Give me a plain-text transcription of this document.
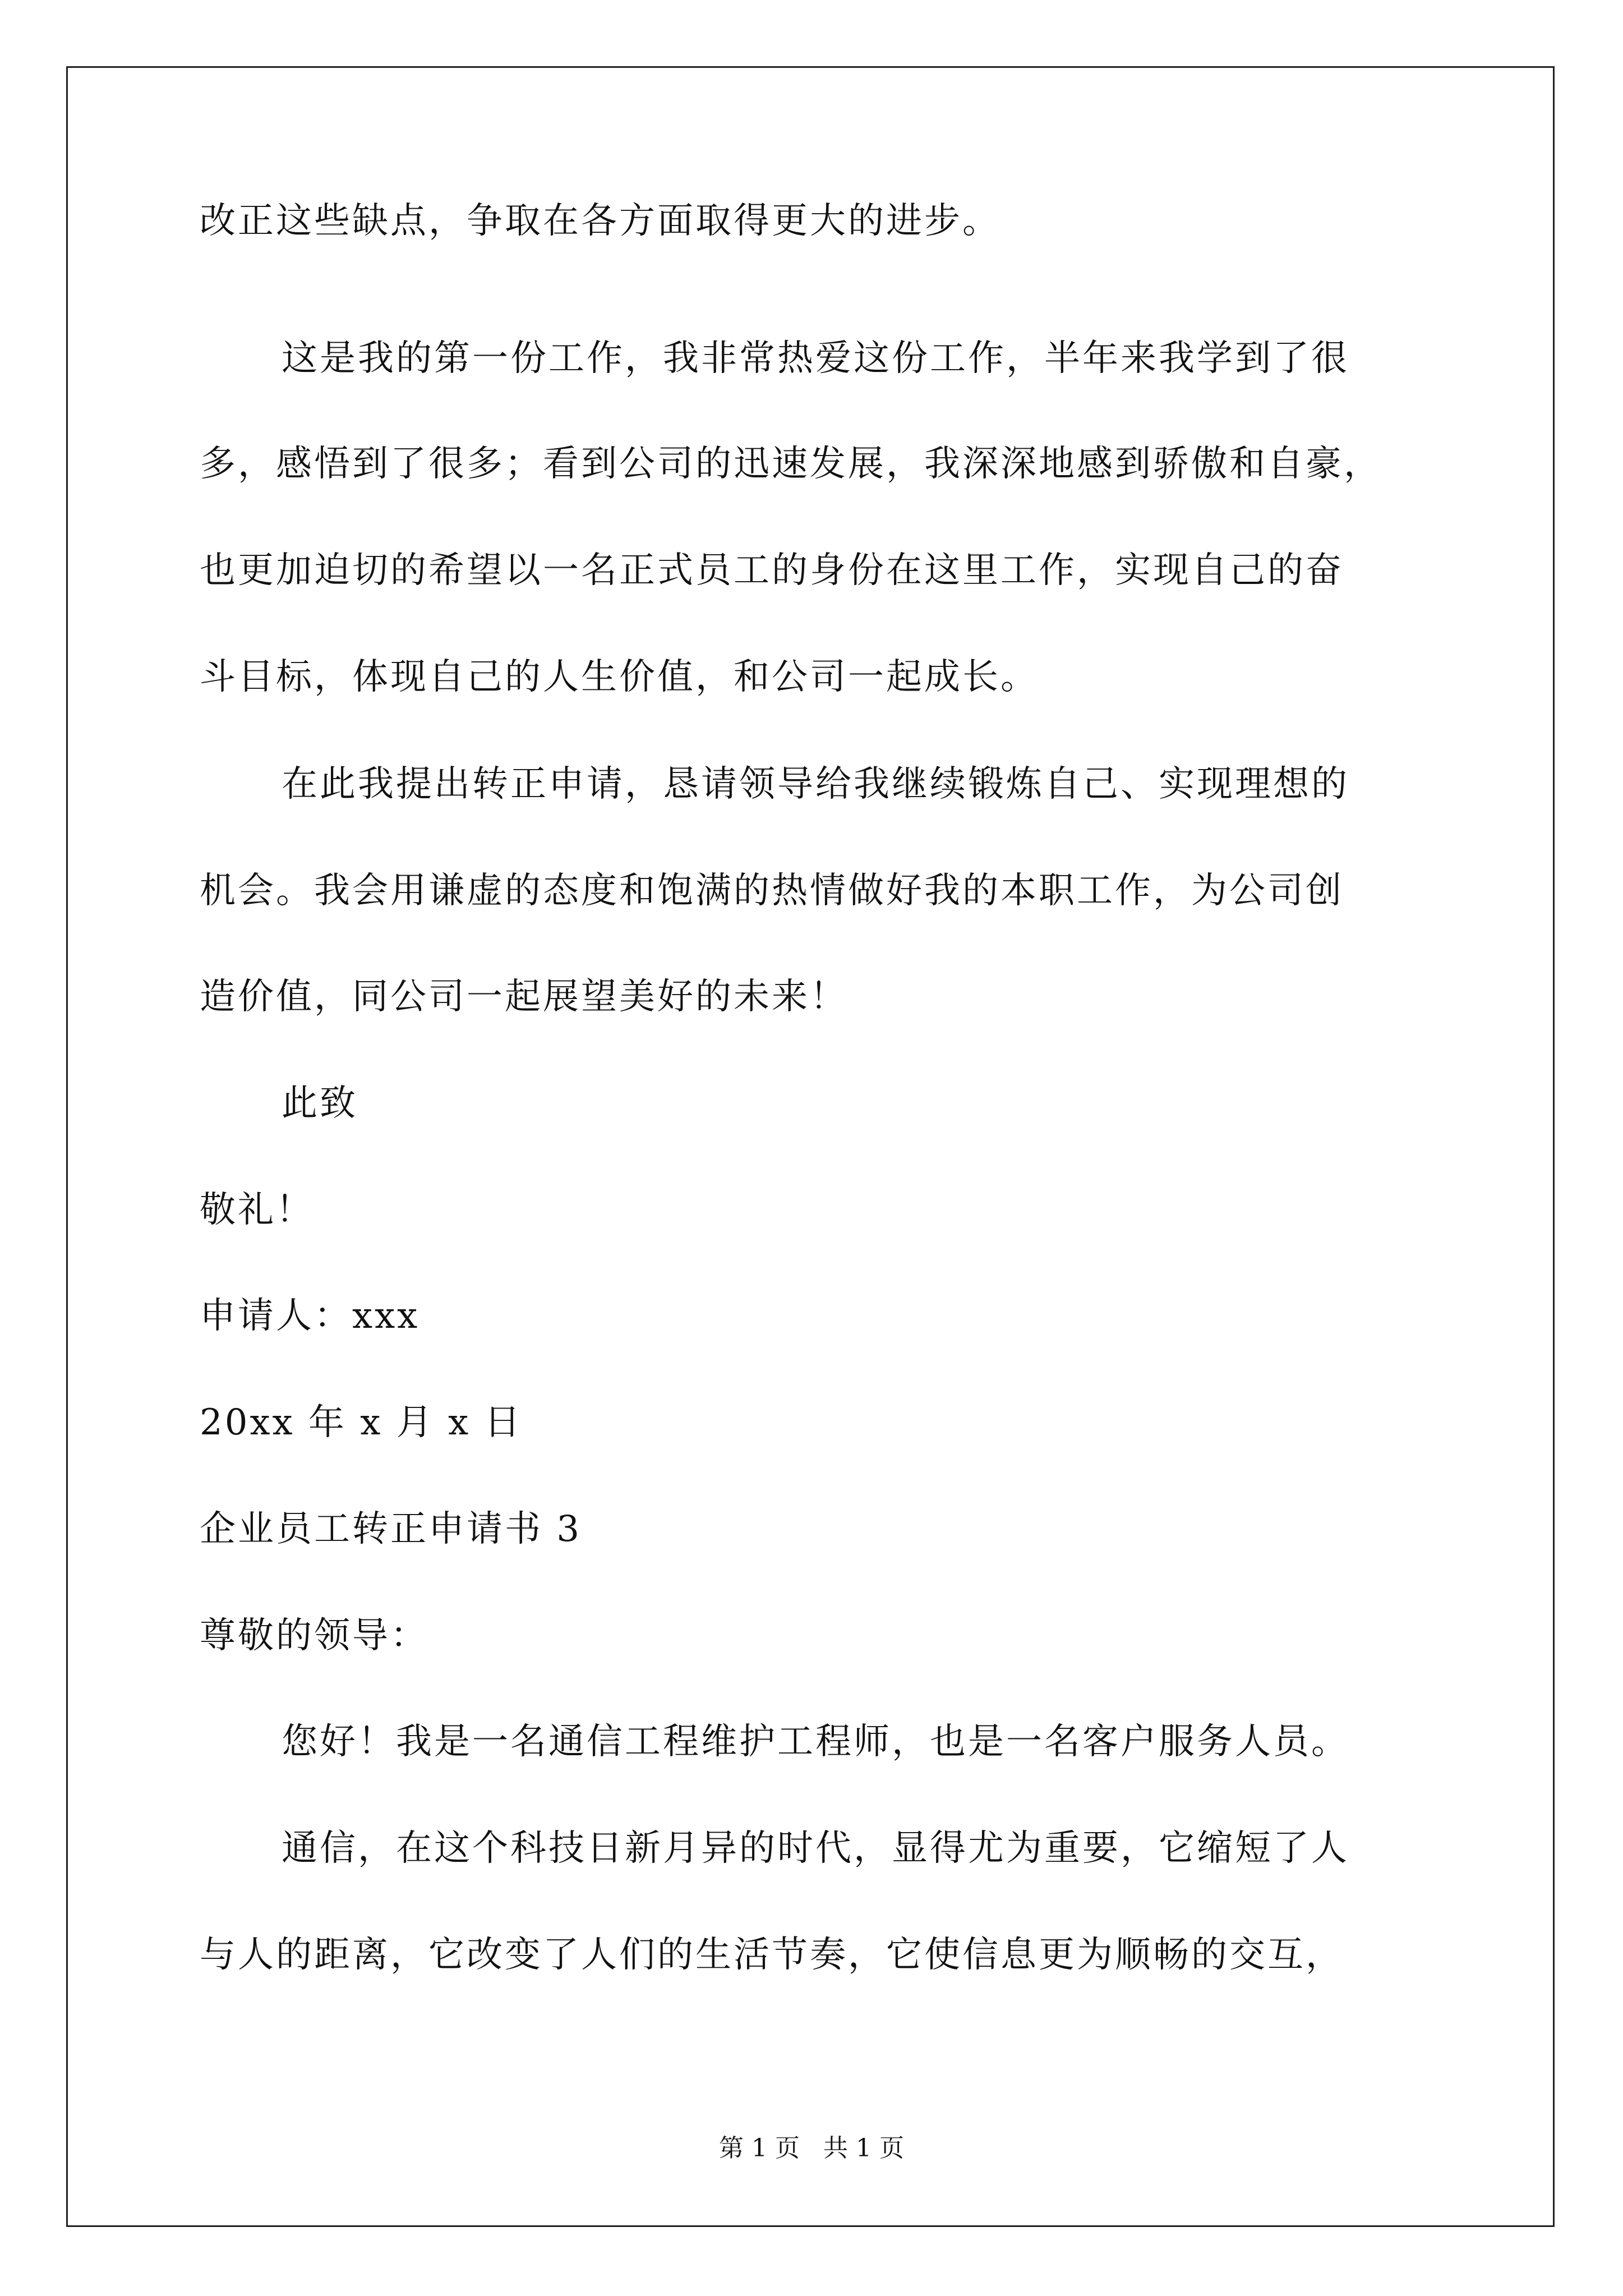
改正这些缺点，争取在各方面取得更大的进步。
这是我的第一份工作，我非常热爱这份工作，半年来我学到了很
多，感悟到了很多；看到公司的迅速发展，我深深地感到骄傲和自豪，
也更加迫切的希望以一名正式员工的身份在这里工作，实现自己的奋
斗目标，体现自己的人生价值，和公司一起成长。
在此我提出转正申请，恳请领导给我继续锻炼自己、实现理想的
机会。我会用谦虚的态度和饱满的热情做好我的本职工作，为公司创
造价值，同公司一起展望美好的未来！
此致
敬礼！
申请人：xxx
20xx 年 x 月 x 日
企业员工转正申请书 3
尊敬的领导：
您好！我是一名通信工程维护工程师，也是一名客户服务人员。
通信，在这个科技日新月异的时代，显得尤为重要，它缩短了人
与人的距离，它改变了人们的生活节奏，它使信息更为顺畅的交互，
第 1 页   共 1 页
